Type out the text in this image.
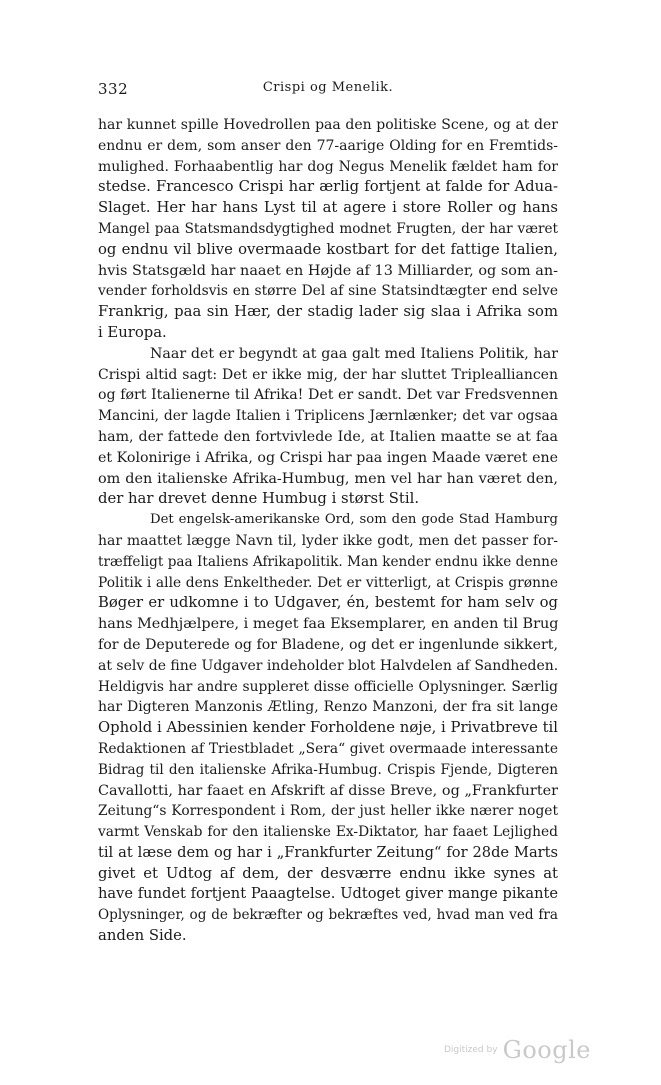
332	Crispi og Menelik.
har kunnet spille Hovedrollen paa den politiske Scene, og at der
endnu er dem, som anser den 77-aarige Olding for en Fremtids-
mulighed. Forhaabentlig har dog Negus Menelik fældet ham for
stedse. Francesco Crispi har ærlig fortjent at falde for Adua-
Slaget. Her har hans Lyst til at agere i store Roller og hans
Mangel paa Statsmandsdygtighed modnet Frugten, der har været
og endnu vil blive overmaade kostbart for det fattige Italien,
hvis Statsgæld har naaet en Højde af 13 Milliarder, og som an-
vender forholdsvis en større Del af sine Statsindtægter end selve
Frankrig, paa sin Hær, der stadig lader sig slaa i Afrika som
i Europa.
Naar det er begyndt at gaa galt med Italiens Politik, har
Crispi altid sagt: Det er ikke mig, der har sluttet Triplealliancen
og ført Italienerne til Afrika! Det er sandt. Det var Fredsvennen
Mancini, der lagde Italien i Triplicens Jærnlænker; det var ogsaa
ham, der fattede den fortvivlede Ide, at Italien maatte se at faa
et Kolonirige i Afrika, og Crispi har paa ingen Maade været ene
om den italienske Afrika-Humbug, men vel har han været den,
der har drevet denne Humbug i størst Stil.
Det engelsk-amerikanske Ord, som den gode Stad Hamburg
har maattet lægge Navn til, lyder ikke godt, men det passer for-
træffeligt paa Italiens Afrikapolitik. Man kender endnu ikke denne
Politik i alle dens Enkeltheder. Det er vitterligt, at Crispis grønne
Bøger er udkomne i to Udgaver, én, bestemt for ham selv og
hans Medhjælpere, i meget faa Eksemplarer, en anden til Brug
for de Deputerede og for Bladene, og det er ingenlunde sikkert,
at selv de fine Udgaver indeholder blot Halvdelen af Sandheden.
Heldigvis har andre suppleret disse officielle Oplysninger. Særlig
har Digteren Manzonis Ætling, Renzo Manzoni, der fra sit lange
Ophold i Abessinien kender Forholdene nøje, i Privatbreve til
Redaktionen af Triestbladet „Sera“ givet overmaade interessante
Bidrag til den italienske Afrika-Humbug. Crispis Fjende, Digteren
Cavallotti, har faaet en Afskrift af disse Breve, og „Frankfurter
Zeitung“s Korrespondent i Rom, der just heller ikke nærer noget
varmt Venskab for den italienske Ex-Diktator, har faaet Lejlighed
til at læse dem og har i „Frankfurter Zeitung“ for 28de Marts
givet et Udtog af dem, der desværre endnu ikke synes at
have fundet fortjent Paaagtelse. Udtoget giver mange pikante
Oplysninger, og de bekræfter og bekræftes ved, hvad man ved fra
anden Side.
Digitized by Google
